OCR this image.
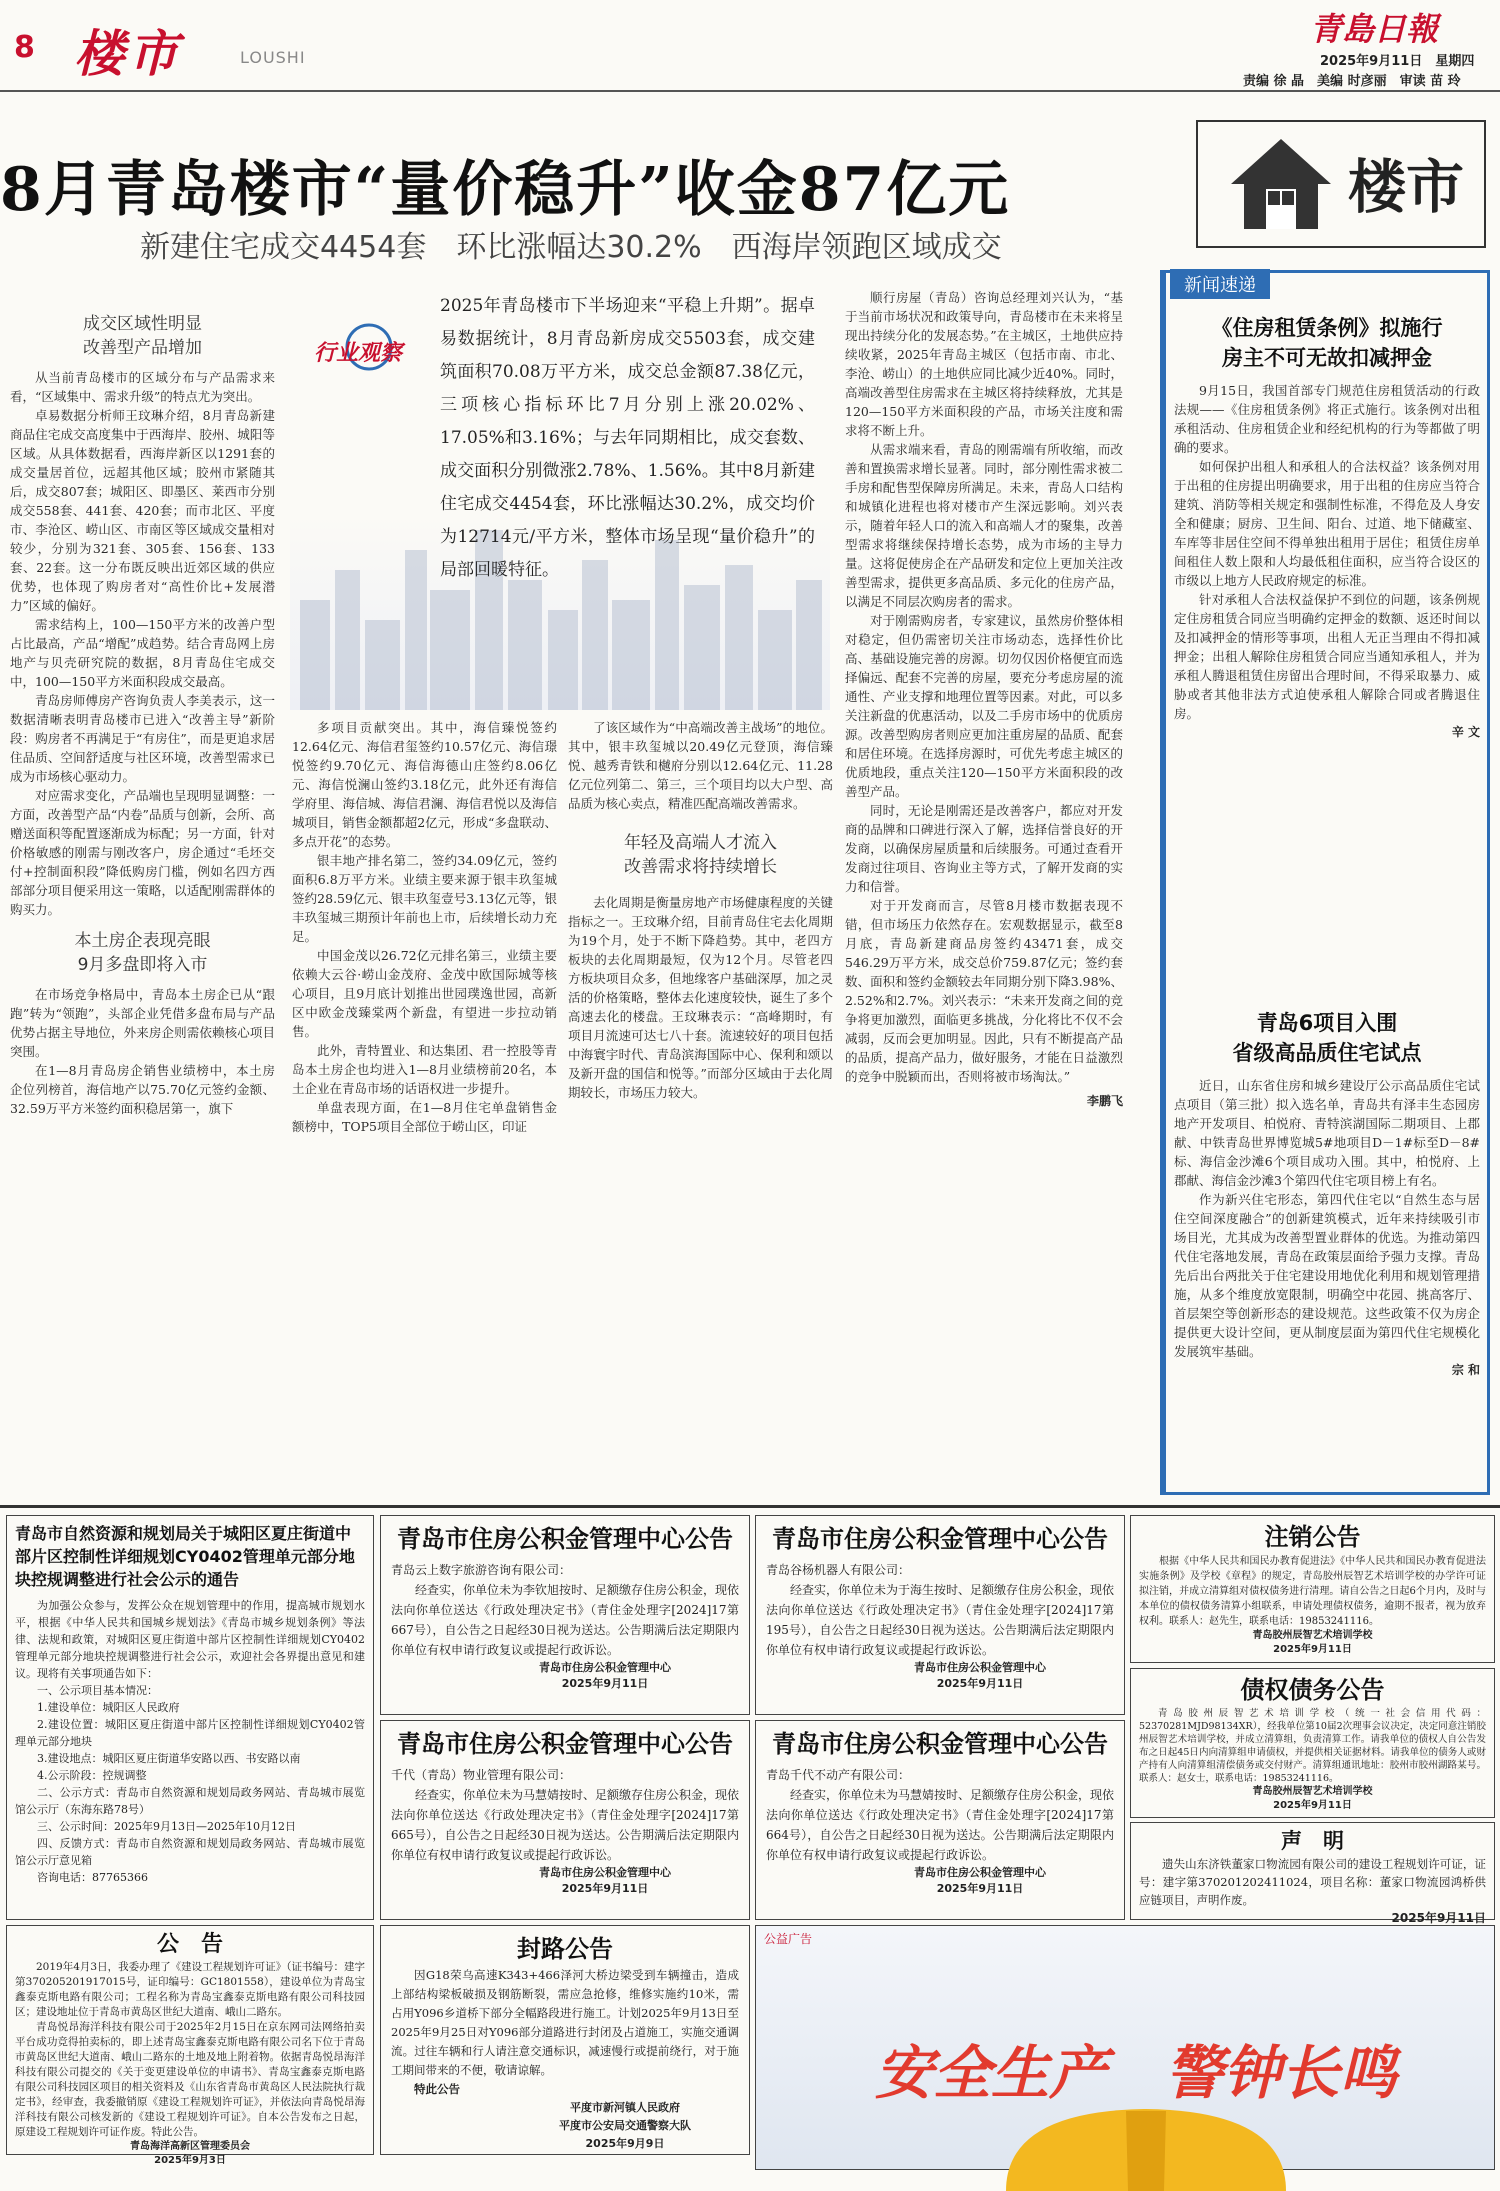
8 楼市	LOUSHI
青島日報
2025年9月11日　星期四
责编 徐 晶　美编 时彦丽　审读 苗 玲
8月青岛楼市“量价稳升”收金87亿元
新建住宅成交4454套　环比涨幅达30.2%　西海岸领跑区域成交
楼市
成交区域性明显
改善型产品增加

从当前青岛楼市的区域分布与产品需求来看，“区域集中、需求升级”的特点尤为突出。

卓易数据分析师王玟琳介绍，8月青岛新建商品住宅成交高度集中于西海岸、胶州、城阳等区域。从具体数据看，西海岸新区以1291套的成交量居首位，远超其他区域；胶州市紧随其后，成交807套；城阳区、即墨区、莱西市分别成交558套、441套、420套；而市北区、平度市、李沧区、崂山区、市南区等区域成交量相对较少，分别为321套、305套、156套、133套、22套。这一分布既反映出近郊区域的供应优势，也体现了购房者对“高性价比+发展潜力”区域的偏好。

需求结构上，100—150平方米的改善户型占比最高，产品“增配”成趋势。结合青岛网上房地产与贝壳研究院的数据，8月青岛住宅成交中，100—150平方米面积段成交最高。

青岛房师傅房产咨询负责人李美表示，这一数据清晰表明青岛楼市已进入“改善主导”新阶段：购房者不再满足于“有房住”，而是更追求居住品质、空间舒适度与社区环境，改善型需求已成为市场核心驱动力。

对应需求变化，产品端也呈现明显调整：一方面，改善型产品“内卷”品质与创新，会所、高赠送面积等配置逐渐成为标配；另一方面，针对价格敏感的刚需与刚改客户，房企通过“毛坯交付+控制面积段”降低购房门槛，例如名四方西部部分项目便采用这一策略，以适配刚需群体的购买力。

本土房企表现亮眼
9月多盘即将入市

在市场竞争格局中，青岛本土房企已从“跟跑”转为“领跑”，头部企业凭借多盘布局与产品优势占据主导地位，外来房企则需依赖核心项目突围。

在1—8月青岛房企销售业绩榜中，本土房企位列榜首，海信地产以75.70亿元签约金额、32.59万平方米签约面积稳居第一，旗下

行业观察
2025年青岛楼市下半场迎来“平稳上升期”。据卓易数据统计，8月青岛新房成交5503套，成交建筑面积70.08万平方米，成交总金额87.38亿元，三项核心指标环比7月分别上涨20.02%、17.05%和3.16%；与去年同期相比，成交套数、成交面积分别微涨2.78%、1.56%。其中8月新建住宅成交4454套，环比涨幅达30.2%，成交均价为12714元/平方米，整体市场呈现“量价稳升”的局部回暖特征。

多项目贡献突出。其中，海信臻悦签约12.64亿元、海信君玺签约10.57亿元、海信璟悦签约9.70亿元、海信海德山庄签约8.06亿元、海信悦澜山签约3.18亿元，此外还有海信学府里、海信城、海信君澜、海信君悦以及海信城项目，销售金额都超2亿元，形成“多盘联动、多点开花”的态势。

银丰地产排名第二，签约34.09亿元，签约面积6.8万平方米。业绩主要来源于银丰玖玺城签约28.59亿元、银丰玖玺壹号3.13亿元等，银丰玖玺城三期预计年前也上市，后续增长动力充足。

中国金茂以26.72亿元排名第三，业绩主要依赖大云谷·崂山金茂府、金茂中欧国际城等核心项目，且9月底计划推出世园璞逸世园，高新区中欧金茂臻棠两个新盘，有望进一步拉动销售。

此外，青特置业、和达集团、君一控股等青岛本土房企也均进入1—8月业绩榜前20名，本土企业在青岛市场的话语权进一步提升。

单盘表现方面，在1—8月住宅单盘销售金额榜中，TOP5项目全部位于崂山区，印证

了该区域作为“中高端改善主战场”的地位。其中，银丰玖玺城以20.49亿元登顶，海信臻悦、越秀青铁和樾府分别以12.64亿元、11.28亿元位列第二、第三，三个项目均以大户型、高品质为核心卖点，精准匹配高端改善需求。

年轻及高端人才流入
改善需求将持续增长

去化周期是衡量房地产市场健康程度的关键指标之一。王玟琳介绍，目前青岛住宅去化周期为19个月，处于不断下降趋势。其中，老四方板块的去化周期最短，仅为12个月。尽管老四方板块项目众多，但地缘客户基础深厚，加之灵活的价格策略，整体去化速度较快，诞生了多个高速去化的楼盘。王玟琳表示：“高峰期时，有项目月流速可达七八十套。流速较好的项目包括中海寰宇时代、青岛滨海国际中心、保利和颂以及新开盘的国信和悦等。”而部分区域由于去化周期较长，市场压力较大。

顺行房屋（青岛）咨询总经理刘兴认为，“基于当前市场状况和政策导向，青岛楼市在未来将呈现出持续分化的发展态势。”在主城区，土地供应持续收紧，2025年青岛主城区（包括市南、市北、李沧、崂山）的土地供应同比减少近40%。同时，高端改善型住房需求在主城区将持续释放，尤其是120—150平方米面积段的产品，市场关注度和需求将不断上升。

从需求端来看，青岛的刚需端有所收缩，而改善和置换需求增长显著。同时，部分刚性需求被二手房和配售型保障房所满足。未来，青岛人口结构和城镇化进程也将对楼市产生深远影响。刘兴表示，随着年轻人口的流入和高端人才的聚集，改善型需求将继续保持增长态势，成为市场的主导力量。这将促使房企在产品研发和定位上更加关注改善型需求，提供更多高品质、多元化的住房产品，以满足不同层次购房者的需求。

对于刚需购房者，专家建议，虽然房价整体相对稳定，但仍需密切关注市场动态，选择性价比高、基础设施完善的房源。切勿仅因价格便宜而选择偏远、配套不完善的房屋，要充分考虑房屋的流通性、产业支撑和地理位置等因素。对此，可以多关注新盘的优惠活动，以及二手房市场中的优质房源。改善型购房者则应更加注重房屋的品质、配套和居住环境。在选择房源时，可优先考虑主城区的优质地段，重点关注120—150平方米面积段的改善型产品。

同时，无论是刚需还是改善客户，都应对开发商的品牌和口碑进行深入了解，选择信誉良好的开发商，以确保房屋质量和后续服务。可通过查看开发商过往项目、咨询业主等方式，了解开发商的实力和信誉。

对于开发商而言，尽管8月楼市数据表现不错，但市场压力依然存在。宏观数据显示，截至8月底，青岛新建商品房签约43471套，成交546.29万平方米，成交总价759.87亿元；签约套数、面积和签约金额较去年同期分别下降3.98%、2.52%和2.7%。刘兴表示：“未来开发商之间的竞争将更加激烈，面临更多挑战，分化将比不仅不会减弱，反而会更加明显。因此，只有不断提高产品的品质，提高产品力，做好服务，才能在日益激烈的竞争中脱颖而出，否则将被市场淘汰。”

李鹏飞
新闻速递
《住房租赁条例》拟施行
房主不可无故扣减押金

9月15日，我国首部专门规范住房租赁活动的行政法规——《住房租赁条例》将正式施行。该条例对出租承租活动、住房租赁企业和经纪机构的行为等都做了明确的要求。

如何保护出租人和承租人的合法权益？该条例对用于出租的住房提出明确要求，用于出租的住房应当符合建筑、消防等相关规定和强制性标准，不得危及人身安全和健康；厨房、卫生间、阳台、过道、地下储藏室、车库等非居住空间不得单独出租用于居住；租赁住房单间租住人数上限和人均最低租住面积，应当符合设区的市级以上地方人民政府规定的标准。

针对承租人合法权益保护不到位的问题，该条例规定住房租赁合同应当明确约定押金的数额、返还时间以及扣减押金的情形等事项，出租人无正当理由不得扣减押金；出租人解除住房租赁合同应当通知承租人，并为承租人腾退租赁住房留出合理时间，不得采取暴力、威胁或者其他非法方式迫使承租人解除合同或者腾退住房。

辛 文
青岛6项目入围
省级高品质住宅试点

近日，山东省住房和城乡建设厅公示高品质住宅试点项目（第三批）拟入选名单，青岛共有泽丰生态园房地产开发项目、柏悦府、青特滨湖国际二期项目、上郡献、中铁青岛世界博览城5#地项目D－1#标至D－8#标、海信金沙滩6个项目成功入围。其中，柏悦府、上郡献、海信金沙滩3个第四代住宅项目榜上有名。

作为新兴住宅形态，第四代住宅以“自然生态与居住空间深度融合”的创新建筑模式，近年来持续吸引市场目光，尤其成为改善型置业群体的优选。为推动第四代住宅落地发展，青岛在政策层面给予强力支撑。青岛先后出台两批关于住宅建设用地优化利用和规划管理措施，从多个维度放宽限制，明确空中花园、挑高客厅、首层架空等创新形态的建设规范。这些政策不仅为房企提供更大设计空间，更从制度层面为第四代住宅规模化发展筑牢基础。

宗 和
青岛市自然资源和规划局关于城阳区夏庄街道中部片区控制性详细规划CY0402管理单元部分地块控规调整进行社会公示的通告

为加强公众参与，发挥公众在规划管理中的作用，提高城市规划水平，根据《中华人民共和国城乡规划法》《青岛市城乡规划条例》等法律、法规和政策，对城阳区夏庄街道中部片区控制性详细规划CY0402管理单元部分地块控规调整进行社会公示，欢迎社会各界提出意见和建议。现将有关事项通告如下：

一、公示项目基本情况：

1.建设单位：城阳区人民政府

2.建设位置：城阳区夏庄街道中部片区控制性详细规划CY0402管理单元部分地块

3.建设地点：城阳区夏庄街道华安路以西、书安路以南

4.公示阶段：控规调整

二、公示方式：青岛市自然资源和规划局政务网站、青岛城市展览馆公示厅（东海东路78号）

三、公示时间：2025年9月13日—2025年10月12日

四、反馈方式：青岛市自然资源和规划局政务网站、青岛城市展览馆公示厅意见箱

咨询电话：87765366

青岛市住房公积金管理中心公告
青岛云上数字旅游咨询有限公司：
经查实，你单位未为李钦旭按时、足额缴存住房公积金，现依法向你单位送达《行政处理决定书》（青住金处理字[2024]17第667号），自公告之日起经30日视为送达。公告期满后法定期限内你单位有权申请行政复议或提起行政诉讼。
青岛市住房公积金管理中心
2025年9月11日
青岛市住房公积金管理中心公告
青岛谷杨机器人有限公司：
经查实，你单位未为于海生按时、足额缴存住房公积金，现依法向你单位送达《行政处理决定书》（青住金处理字[2024]17第195号），自公告之日起经30日视为送达。公告期满后法定期限内你单位有权申请行政复议或提起行政诉讼。
青岛市住房公积金管理中心
2025年9月11日
青岛市住房公积金管理中心公告
千代（青岛）物业管理有限公司：
经查实，你单位未为马慧婧按时、足额缴存住房公积金，现依法向你单位送达《行政处理决定书》（青住金处理字[2024]17第665号），自公告之日起经30日视为送达。公告期满后法定期限内你单位有权申请行政复议或提起行政诉讼。
青岛市住房公积金管理中心
2025年9月11日
青岛市住房公积金管理中心公告
青岛千代不动产有限公司：
经查实，你单位未为马慧婧按时、足额缴存住房公积金，现依法向你单位送达《行政处理决定书》（青住金处理字[2024]17第664号），自公告之日起经30日视为送达。公告期满后法定期限内你单位有权申请行政复议或提起行政诉讼。
青岛市住房公积金管理中心
2025年9月11日
注销公告
根据《中华人民共和国民办教育促进法》《中华人民共和国民办教育促进法实施条例》及学校《章程》的规定，青岛胶州辰智艺术培训学校的办学许可证拟注销，并成立清算组对债权债务进行清理。请自公告之日起6个月内，及时与本单位的债权债务清算小组联系，申请处理债权债务，逾期不报者，视为放弃权利。联系人：赵先生，联系电话：19853241116。
青岛胶州辰智艺术培训学校
2025年9月11日
债权债务公告
青岛胶州辰智艺术培训学校（统一社会信用代码：52370281MJD98134XR），经我单位第10届2次理事会议决定，决定同意注销胶州辰智艺术培训学校，并成立清算组，负责清算工作。请我单位的债权人自公告发布之日起45日内向清算组申请债权，并提供相关证据材料。请我单位的债务人或财产持有人向清算组清偿债务或交付财产。清算组通讯地址：胶州市胶州湖路某号。联系人：赵女士，联系电话：19853241116。
青岛胶州辰智艺术培训学校
2025年9月11日
声　明
遗失山东济铁董家口物流园有限公司的建设工程规划许可证，证号：建字第370201202411024，项目名称：董家口物流园鸿桥供应链项目，声明作废。
2025年9月11日
公　告

2019年4月3日，我委办理了《建设工程规划许可证》（证书编号：建字第370205201917015号，证印编号：GC1801558），建设单位为青岛宝鑫泰克斯电路有限公司；工程名称为青岛宝鑫泰克斯电路有限公司科技园区；建设地址位于青岛市黄岛区世纪大道南、峨山二路东。

青岛悦昂海洋科技有限公司于2025年2月15日在京东网司法网络拍卖平台成功竞得拍卖标的，即上述青岛宝鑫泰克斯电路有限公司名下位于青岛市黄岛区世纪大道南、峨山二路东的土地及地上附着物。依据青岛悦昂海洋科技有限公司提交的《关于变更建设单位的申请书》、青岛宝鑫泰克斯电路有限公司科技园区项目的相关资料及《山东省青岛市黄岛区人民法院执行裁定书》，经审查，我委撤销原《建设工程规划许可证》，并依法向青岛悦昂海洋科技有限公司核发新的《建设工程规划许可证》。自本公告发布之日起，原建设工程规划许可证作废。特此公告。

青岛海洋高新区管理委员会
2025年9月3日
封路公告
因G18荣乌高速K343+466泽河大桥边梁受到车辆撞击，造成上部结构梁板破损及钢筋断裂，需应急抢修，维修实施约10米，需占用Y096乡道桥下部分全幅路段进行施工。计划2025年9月13日至2025年9月25日对Y096部分道路进行封闭及占道施工，实施交通调流。过往车辆和行人请注意交通标识，减速慢行或提前绕行，对于施工期间带来的不便，敬请谅解。
特此公告
平度市新河镇人民政府
平度市公安局交通警察大队
2025年9月9日
公益广告
安全生产　警钟长鸣
